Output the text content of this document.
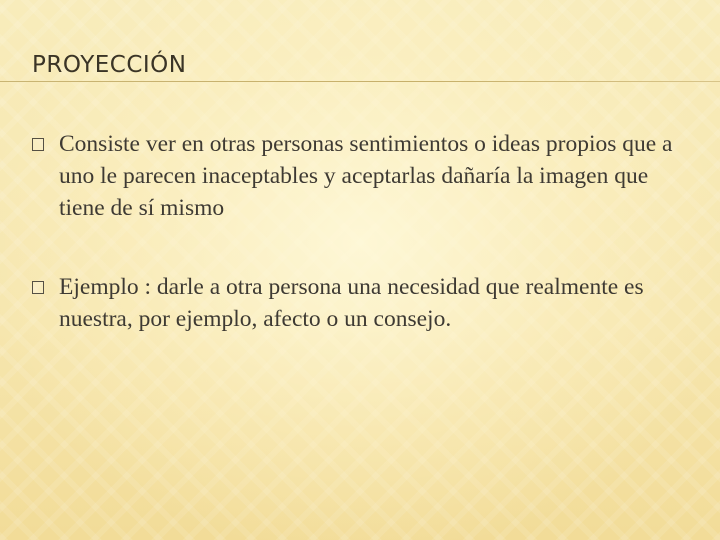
PROYECCIÓN
Consiste ver en otras personas sentimientos o ideas propios que a uno le parecen inaceptables y aceptarlas dañaría la imagen que tiene de sí mismo
Ejemplo : darle a otra persona una necesidad que realmente es nuestra, por ejemplo, afecto o un consejo.
